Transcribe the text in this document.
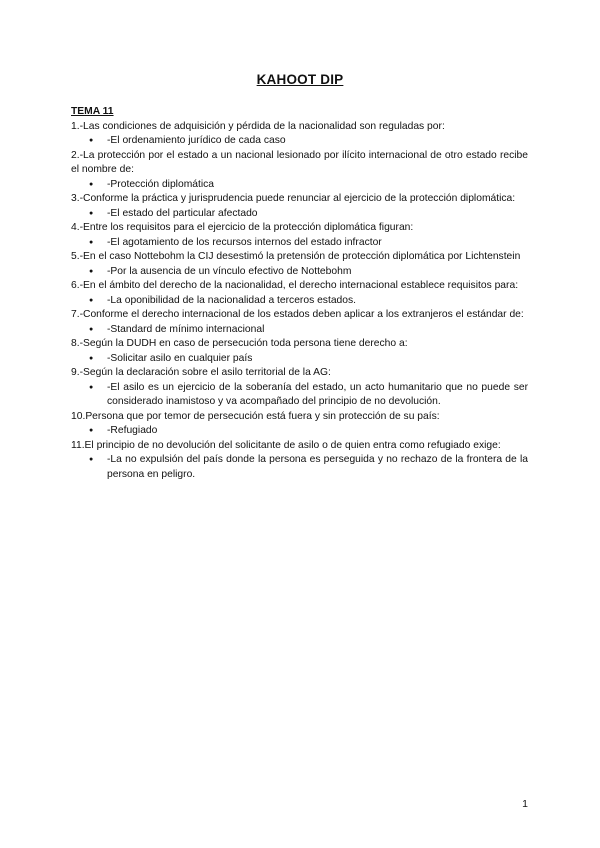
KAHOOT DIP
TEMA 11
1.-Las condiciones de adquisición y pérdida de la nacionalidad son reguladas por:
● -El ordenamiento jurídico de cada caso
2.-La protección por el estado a un nacional lesionado por ilícito internacional de otro estado recibe el nombre de:
● -Protección diplomática
3.-Conforme la práctica y jurisprudencia puede renunciar al ejercicio de la protección diplomática:
● -El estado del particular afectado
4.-Entre los requisitos para el ejercicio de la protección diplomática figuran:
● -El agotamiento de los recursos internos del estado infractor
5.-En el caso Nottebohm la CIJ desestimó la pretensión de protección diplomática por Lichtenstein
● -Por la ausencia de un vínculo efectivo de Nottebohm
6.-En el ámbito del derecho de la nacionalidad, el derecho internacional establece requisitos para:
● -La oponibilidad de la nacionalidad a terceros estados.
7.-Conforme el derecho internacional de los estados deben aplicar a los extranjeros el estándar de:
● -Standard de mínimo internacional
8.-Según la DUDH en caso de persecución toda persona tiene derecho a:
● -Solicitar asilo en cualquier país
9.-Según la declaración sobre el asilo territorial de la AG:
● -El asilo es un ejercicio de la soberanía del estado, un acto humanitario que no puede ser considerado inamistoso y va acompañado del principio de no devolución.
10.Persona que por temor de persecución está fuera y sin protección de su país:
● -Refugiado
11.El principio de no devolución del solicitante de asilo o de quien entra como refugiado exige:
● -La no expulsión del país donde la persona es perseguida y no rechazo de la frontera de la persona en peligro.
1
